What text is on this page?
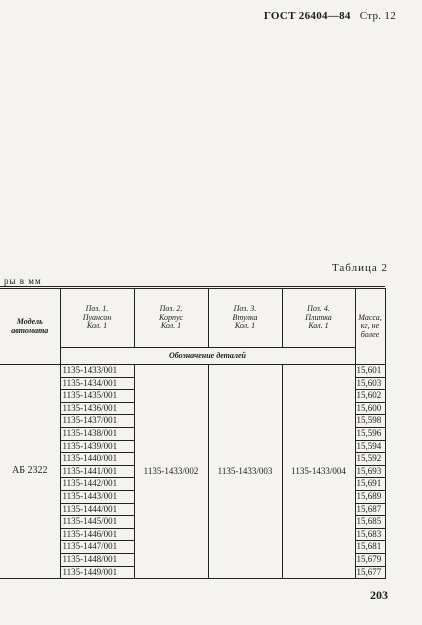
ГОСТ 26404—84 Стр. 12
Таблица 2
ры в мм
Модель автомата	Поз. 1.
Пуансон
Кол. 1	Поз. 2.
Корпус
Кол. 1	Поз. 3.
Втулка
Кол. 1	Поз. 4.
Плитка
Кол. 1	Масса,
кг, не
более

	Обозначение деталей				
АБ 2322	1135-1433/001	1135-1433/002	1135-1433/003	1135-1433/004	15,601
	1135-1434/001				15,603
	1135-1435/001				15,602
	1135-1436/001				15,600
	1135-1437/001				15,598
	1135-1438/001				15,596
	1135-1439/001				15,594
	1135-1440/001				15,592
	1135-1441/001				15,693
	1135-1442/001				15,691
	1135-1443/001				15,689
	1135-1444/001				15,687
	1135-1445/001				15,685
	1135-1446/001				15,683
	1135-1447/001				15,681
	1135-1448/001				15,679
	1135-1449/001				15,677
203
